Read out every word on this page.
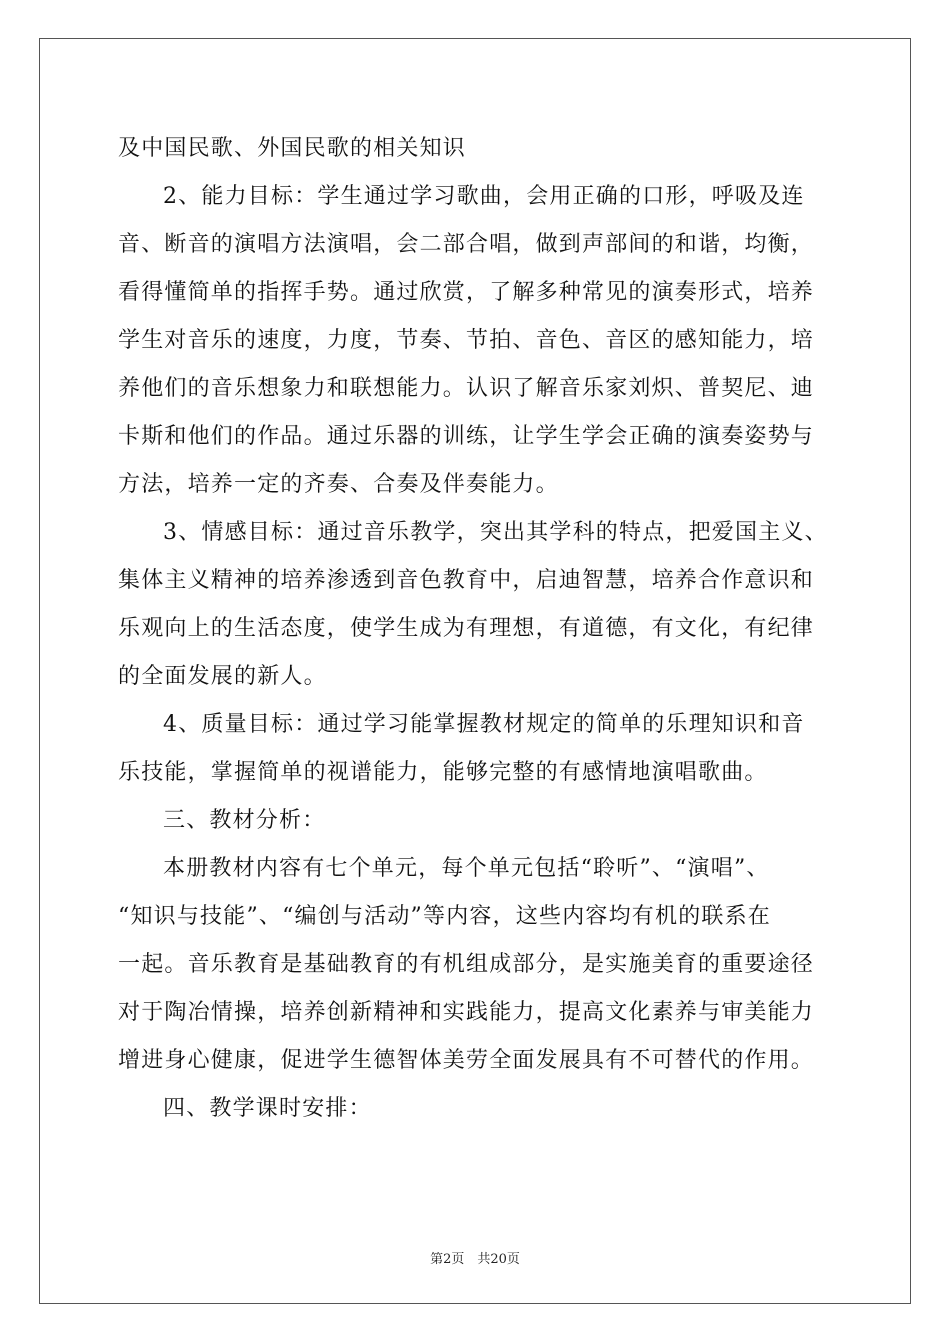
及中国民歌、外国民歌的相关知识
2、能力目标：学生通过学习歌曲，会用正确的口形，呼吸及连
音、断音的演唱方法演唱，会二部合唱，做到声部间的和谐，均衡，
看得懂简单的指挥手势。通过欣赏，了解多种常见的演奏形式，培养
学生对音乐的速度，力度，节奏、节拍、音色、音区的感知能力，培
养他们的音乐想象力和联想能力。认识了解音乐家刘炽、普契尼、迪
卡斯和他们的作品。通过乐器的训练，让学生学会正确的演奏姿势与
方法，培养一定的齐奏、合奏及伴奏能力。
3、情感目标：通过音乐教学，突出其学科的特点，把爱国主义、
集体主义精神的培养渗透到音色教育中，启迪智慧，培养合作意识和
乐观向上的生活态度，使学生成为有理想，有道德，有文化，有纪律
的全面发展的新人。
4、质量目标：通过学习能掌握教材规定的简单的乐理知识和音
乐技能，掌握简单的视谱能力，能够完整的有感情地演唱歌曲。
三、教材分析：
本册教材内容有七个单元，每个单元包括“聆听”、“演唱”、
“知识与技能”、“编创与活动”等内容，这些内容均有机的联系在
一起。音乐教育是基础教育的有机组成部分，是实施美育的重要途径
对于陶冶情操，培养创新精神和实践能力，提高文化素养与审美能力
增进身心健康，促进学生德智体美劳全面发展具有不可替代的作用。
四、教学课时安排：
第2页　共20页
